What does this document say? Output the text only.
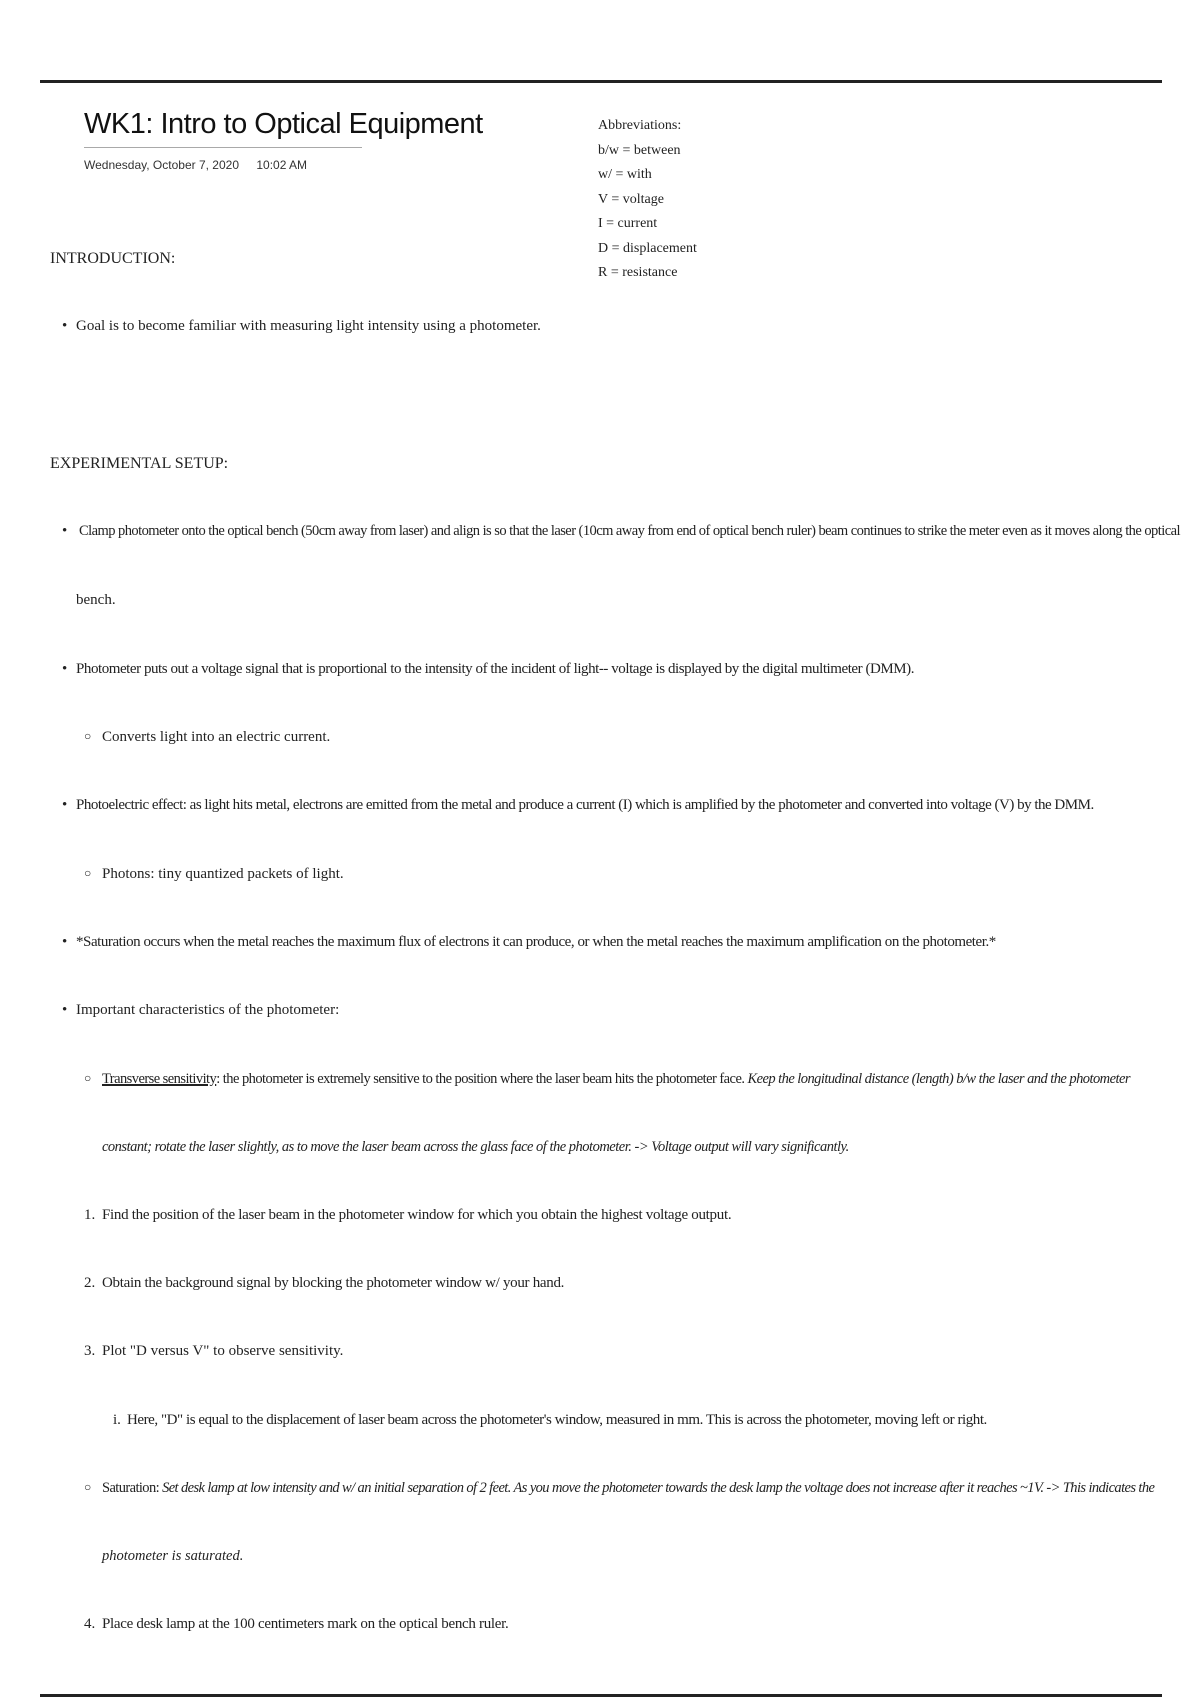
WK1: Intro to Optical Equipment
Wednesday, October 7, 2020 10:02 AM
Abbreviations:
b/w = between
w/ = with
V = voltage
I = current
D = displacement
R = resistance
INTRODUCTION:
• Goal is to become familiar with measuring light intensity using a photometer.
EXPERIMENTAL SETUP:
• Clamp photometer onto the optical bench (50cm away from laser) and align is so that the laser (10cm away from end of optical bench ruler) beam continues to strike the meter even as it moves along the optical
bench.
• Photometer puts out a voltage signal that is proportional to the intensity of the incident of light-- voltage is displayed by the digital multimeter (DMM).
○ Converts light into an electric current.
• Photoelectric effect: as light hits metal, electrons are emitted from the metal and produce a current (I) which is amplified by the photometer and converted into voltage (V) by the DMM.
○ Photons: tiny quantized packets of light.
• *Saturation occurs when the metal reaches the maximum flux of electrons it can produce, or when the metal reaches the maximum amplification on the photometer.*
• Important characteristics of the photometer:
○ Transverse sensitivity: the photometer is extremely sensitive to the position where the laser beam hits the photometer face. Keep the longitudinal distance (length) b/w the laser and the photometer
constant; rotate the laser slightly, as to move the laser beam across the glass face of the photometer. -> Voltage output will vary significantly.
1. Find the position of the laser beam in the photometer window for which you obtain the highest voltage output.
2. Obtain the background signal by blocking the photometer window w/ your hand.
3. Plot "D versus V" to observe sensitivity.
i. Here, "D" is equal to the displacement of laser beam across the photometer's window, measured in mm. This is across the photometer, moving left or right.
○ Saturation: Set desk lamp at low intensity and w/ an initial separation of 2 feet. As you move the photometer towards the desk lamp the voltage does not increase after it reaches ~1V. -> This indicates the
photometer is saturated.
4. Place desk lamp at the 100 centimeters mark on the optical bench ruler.
